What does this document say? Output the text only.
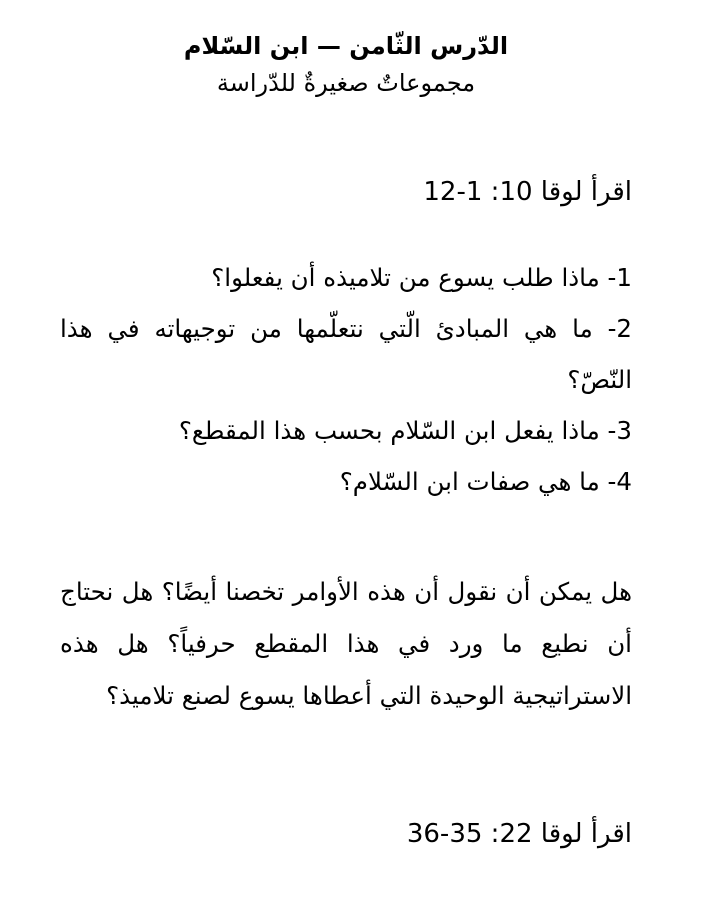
الدّرس الثّامن — ابن السّلام
مجموعاتٌ صغيرةٌ للدّراسة
اقرأ لوقا 10: 1-12
1- ماذا طلب يسوع من تلاميذه أن يفعلوا؟
2- ما هي المبادئ الّتي نتعلّمها من توجيهاته في هذا النّصّ؟
3- ماذا يفعل ابن السّلام بحسب هذا المقطع؟
4- ما هي صفات ابن السّلام؟

هل يمكن أن نقول أن هذه الأوامر تخصنا أيضًا؟ هل نحتاج أن نطيع ما ورد في هذا المقطع حرفياً؟ هل هذه الاستراتيجية الوحيدة التي أعطاها يسوع لصنع تلاميذ؟

اقرأ لوقا 22: 35-36
